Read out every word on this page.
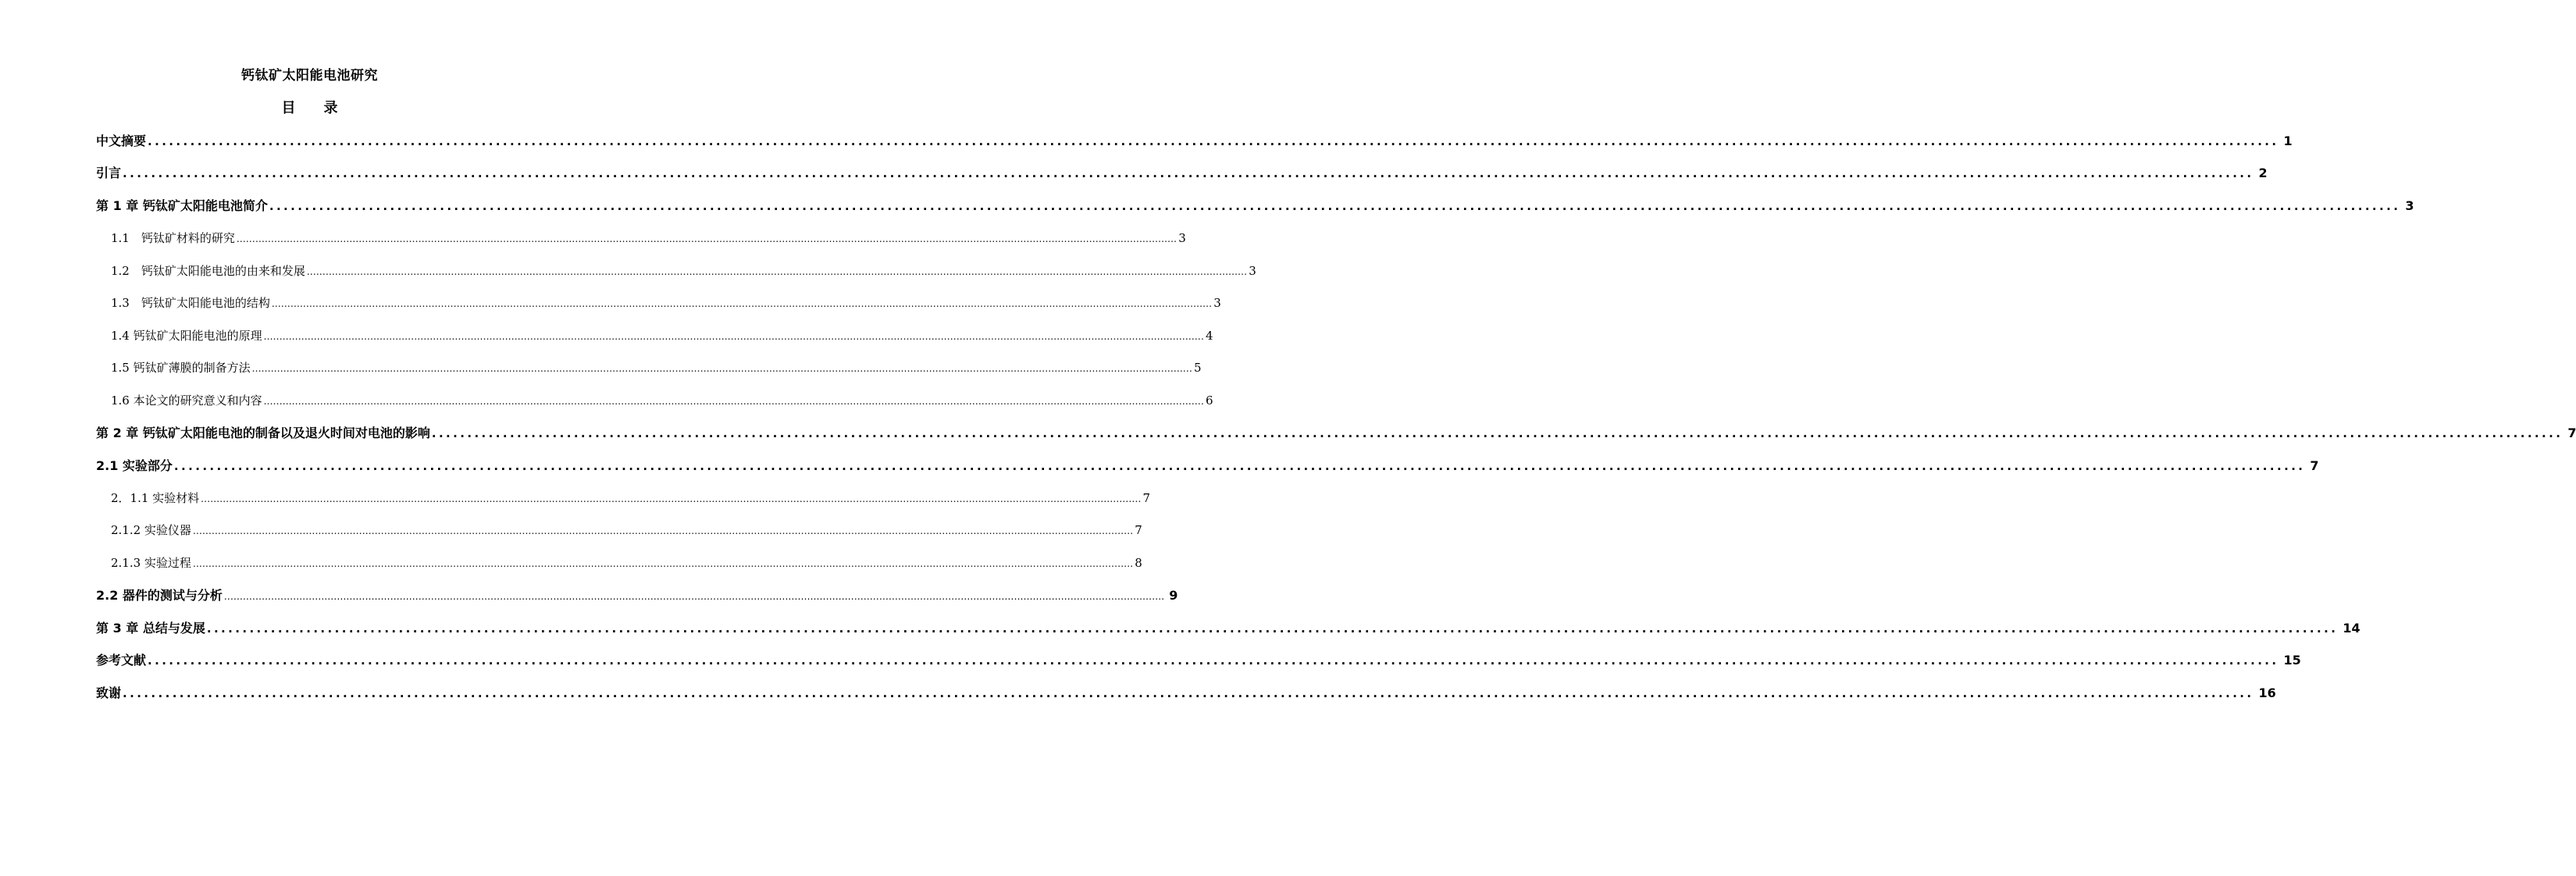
钙钛矿太阳能电池研究
目 录
中文摘要 ............................................................................................................................................................................................................................................................................................................ 1
引言 ............................................................................................................................................................................................................................................................................................................ 2
第 1 章 钙钛矿太阳能电池简介 ............................................................................................................................................................................................................................................................................................................ 3
1.1　钙钛矿材料的研究 ............................................................................................................................................................................................................................................................................................................ 3
1.2　钙钛矿太阳能电池的由来和发展 ............................................................................................................................................................................................................................................................................................................ 3
1.3　钙钛矿太阳能电池的结构 ............................................................................................................................................................................................................................................................................................................ 3
1.4 钙钛矿太阳能电池的原理 ............................................................................................................................................................................................................................................................................................................ 4
1.5 钙钛矿薄膜的制备方法 ............................................................................................................................................................................................................................................................................................................ 5
1.6 本论文的研究意义和内容 ............................................................................................................................................................................................................................................................................................................ 6
第 2 章 钙钛矿太阳能电池的制备以及退火时间对电池的影响 ............................................................................................................................................................................................................................................................................................................ 7
2.1 实验部分 ............................................................................................................................................................................................................................................................................................................ 7
2．1.1 实验材料 ............................................................................................................................................................................................................................................................................................................ 7
2.1.2 实验仪器 ............................................................................................................................................................................................................................................................................................................ 7
2.1.3 实验过程 ............................................................................................................................................................................................................................................................................................................ 8
2.2 器件的测试与分析 ............................................................................................................................................................................................................................................................................................................ 9
第 3 章 总结与发展 ............................................................................................................................................................................................................................................................................................................ 14
参考文献 ............................................................................................................................................................................................................................................................................................................ 15
致谢 ............................................................................................................................................................................................................................................................................................................ 16
